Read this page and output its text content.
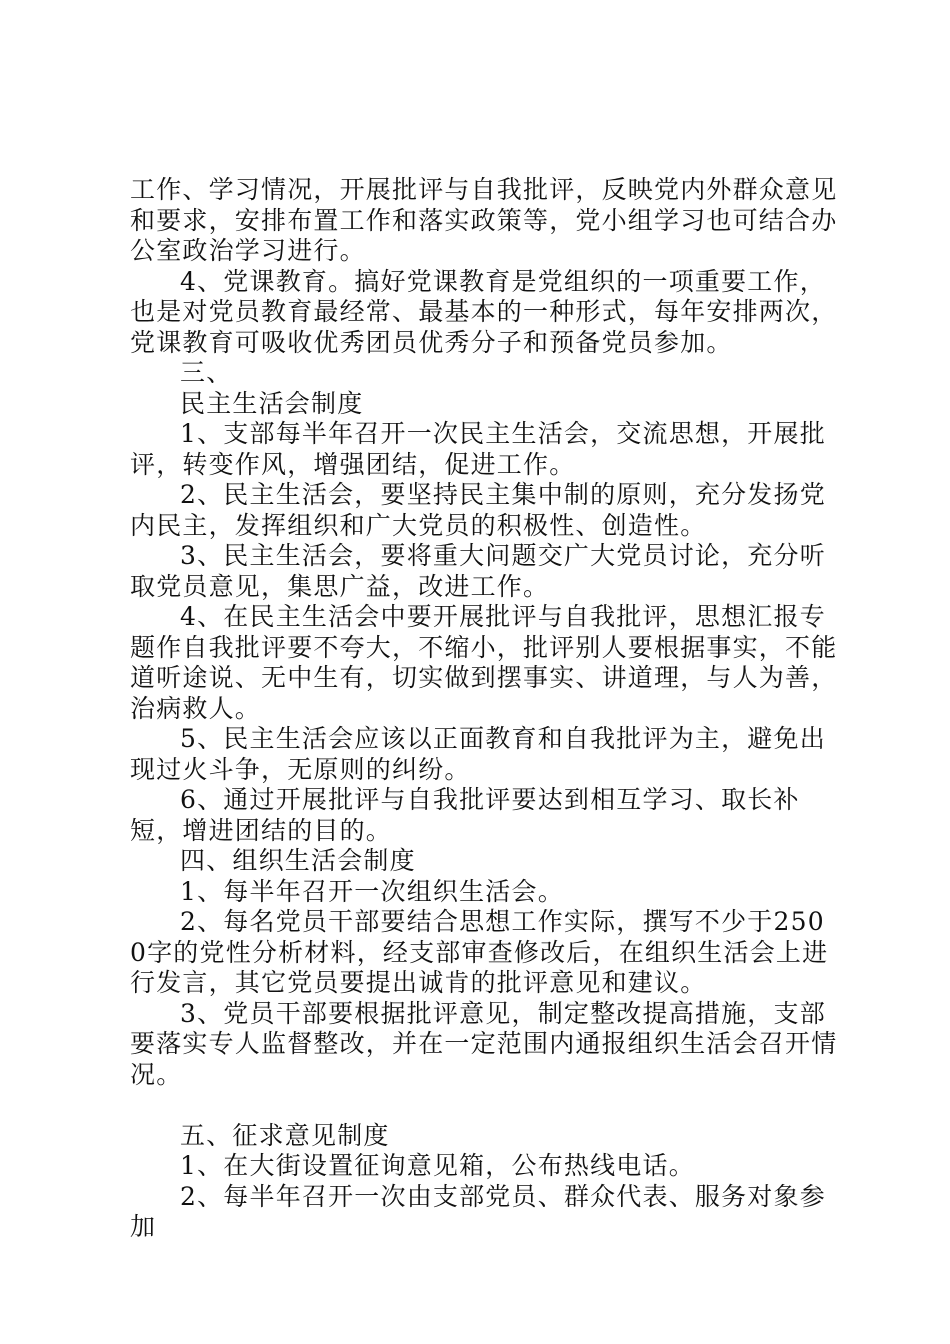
工作、学习情况，开展批评与自我批评，反映党内外群众意见和要求，安排布置工作和落实政策等，党小组学习也可结合办公室政治学习进行。

4、党课教育。搞好党课教育是党组织的一项重要工作，也是对党员教育最经常、最基本的一种形式，每年安排两次，党课教育可吸收优秀团员优秀分子和预备党员参加。

三、

民主生活会制度

1、支部每半年召开一次民主生活会，交流思想，开展批评，转变作风，增强团结，促进工作。

2、民主生活会，要坚持民主集中制的原则，充分发扬党内民主，发挥组织和广大党员的积极性、创造性。

3、民主生活会，要将重大问题交广大党员讨论，充分听取党员意见，集思广益，改进工作。

4、在民主生活会中要开展批评与自我批评，思想汇报专题作自我批评要不夸大，不缩小，批评别人要根据事实，不能道听途说、无中生有，切实做到摆事实、讲道理，与人为善，治病救人。

5、民主生活会应该以正面教育和自我批评为主，避免出现过火斗争，无原则的纠纷。

6、通过开展批评与自我批评要达到相互学习、取长补短，增进团结的目的。

四、组织生活会制度

1、每半年召开一次组织生活会。

2、每名党员干部要结合思想工作实际，撰写不少于2500字的党性分析材料，经支部审查修改后，在组织生活会上进行发言，其它党员要提出诚肯的批评意见和建议。

3、党员干部要根据批评意见，制定整改提高措施，支部要落实专人监督整改，并在一定范围内通报组织生活会召开情况。

五、征求意见制度

1、在大街设置征询意见箱，公布热线电话。

2、每半年召开一次由支部党员、群众代表、服务对象参加
